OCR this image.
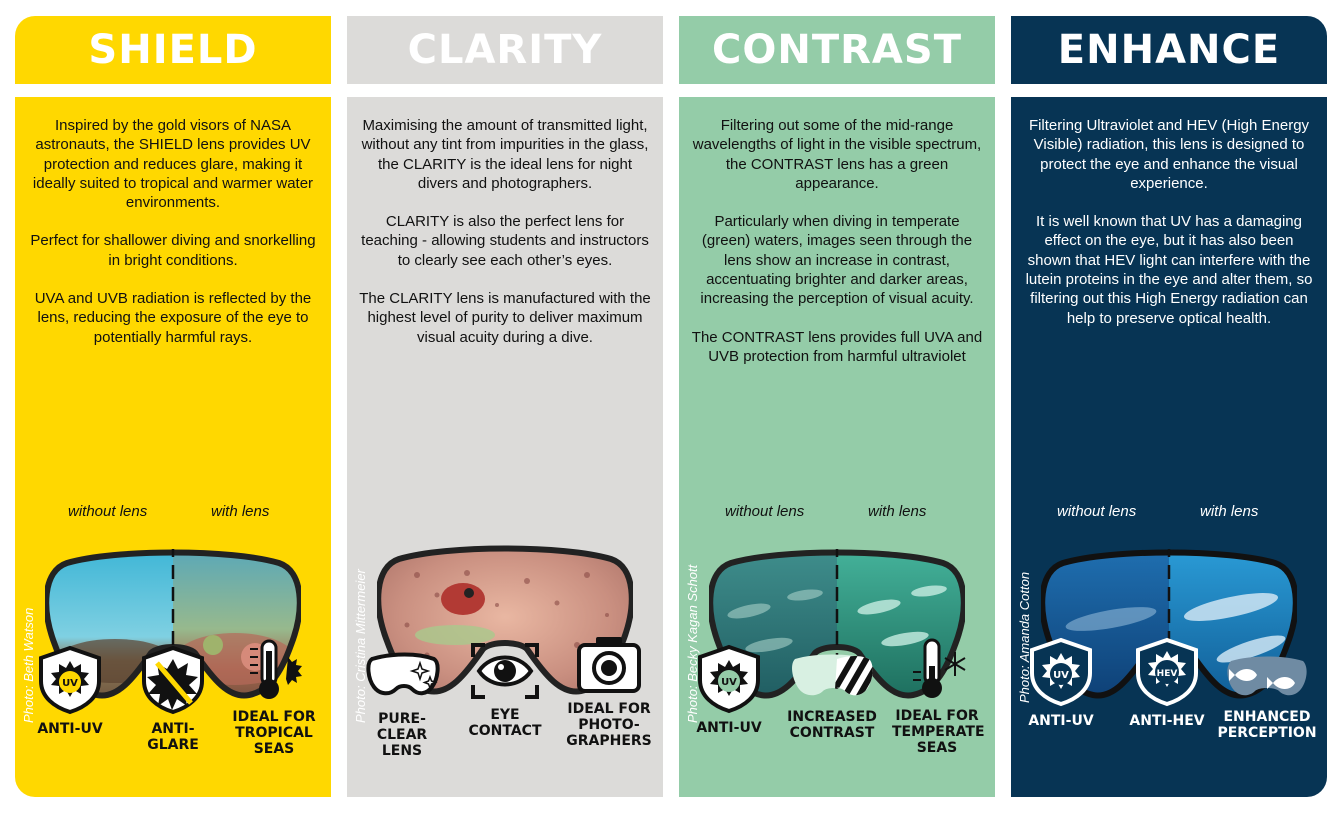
SHIELD

Inspired by the gold visors of NASA astronauts, the SHIELD lens provides UV protection and reduces glare, making it ideally suited to tropical and warmer water environments.

Perfect for shallower diving and snorkelling in bright conditions.

UVA and UVB radiation is reflected by the lens, reducing the exposure of the eye to potentially harmful rays.

without lens	with lens
Photo: Beth Watson	UV
ANTI-UV	ANTI-GLARE
IDEAL FOR TROPICAL SEAS
CLARITY

Maximising the amount of transmitted light, without any tint from impurities in the glass, the CLARITY is the ideal lens for night divers and photographers.

CLARITY is also the perfect lens for teaching - allowing students and instructors to clearly see each other’s eyes.

The CLARITY lens is manufactured with the highest level of purity to deliver maximum visual acuity during a dive.

Photo: Cristina Mittermeier PURE-CLEAR LENS
EYE CONTACT
IDEAL FOR PHOTO-GRAPHERS
CONTRAST

Filtering out some of the mid-range wavelengths of light in the visible spectrum, the CONTRAST lens has a green appearance.

Particularly when diving in temperate (green) waters, images seen through the lens show an increase in contrast, accentuating brighter and darker areas, increasing the perception of visual acuity.

The CONTRAST lens provides full UVA and UVB protection from harmful ultraviolet

without lens	with lens
Photo: Becky Kagan Schott UV
ANTI-UV
INCREASED CONTRAST
IDEAL FOR TEMPERATE SEAS
ENHANCE

Filtering Ultraviolet and HEV (High Energy Visible) radiation, this lens is designed to protect the eye and enhance the visual experience.

It is well known that UV has a damaging effect on the eye, but it has also been shown that HEV light can interfere with the lutein proteins in the eye and alter them, so filtering out this High Energy radiation can help to preserve optical health.

without lens	with lens
Photo: Amanda Cotton UV
ANTI-UV
HEV
ANTI-HEV	ENHANCED PERCEPTION
